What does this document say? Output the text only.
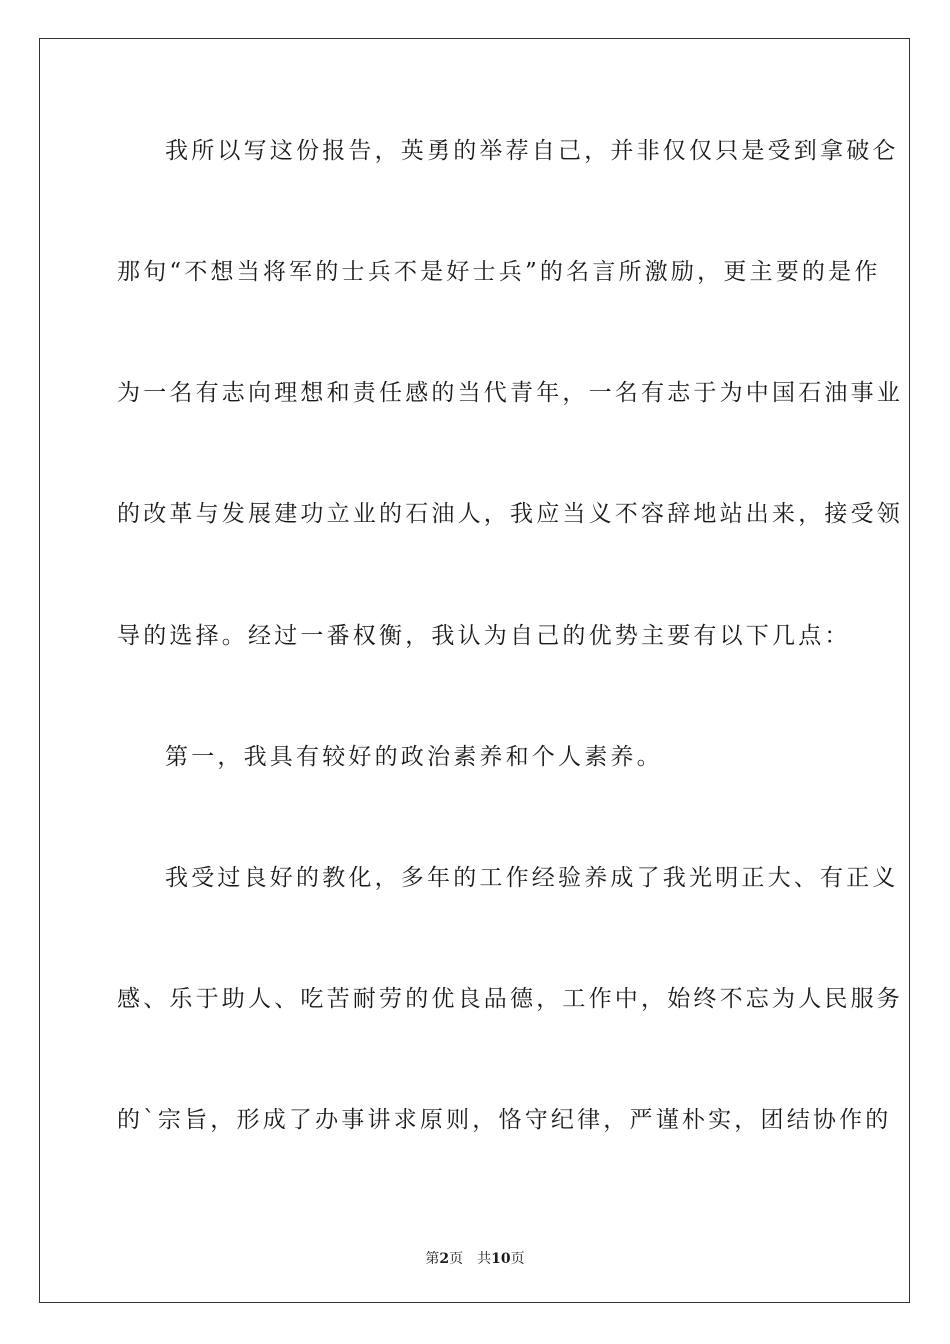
我所以写这份报告，英勇的举荐自己，并非仅仅只是受到拿破仑
那句“不想当将军的士兵不是好士兵”的名言所激励，更主要的是作
为一名有志向理想和责任感的当代青年，一名有志于为中国石油事业
的改革与发展建功立业的石油人，我应当义不容辞地站出来，接受领
导的选择。经过一番权衡，我认为自己的优势主要有以下几点：
第一，我具有较好的政治素养和个人素养。
我受过良好的教化，多年的工作经验养成了我光明正大、有正义
感、乐于助人、吃苦耐劳的优良品德，工作中，始终不忘为人民服务
的`宗旨，形成了办事讲求原则，恪守纪律，严谨朴实，团结协作的
第2页 共10页
